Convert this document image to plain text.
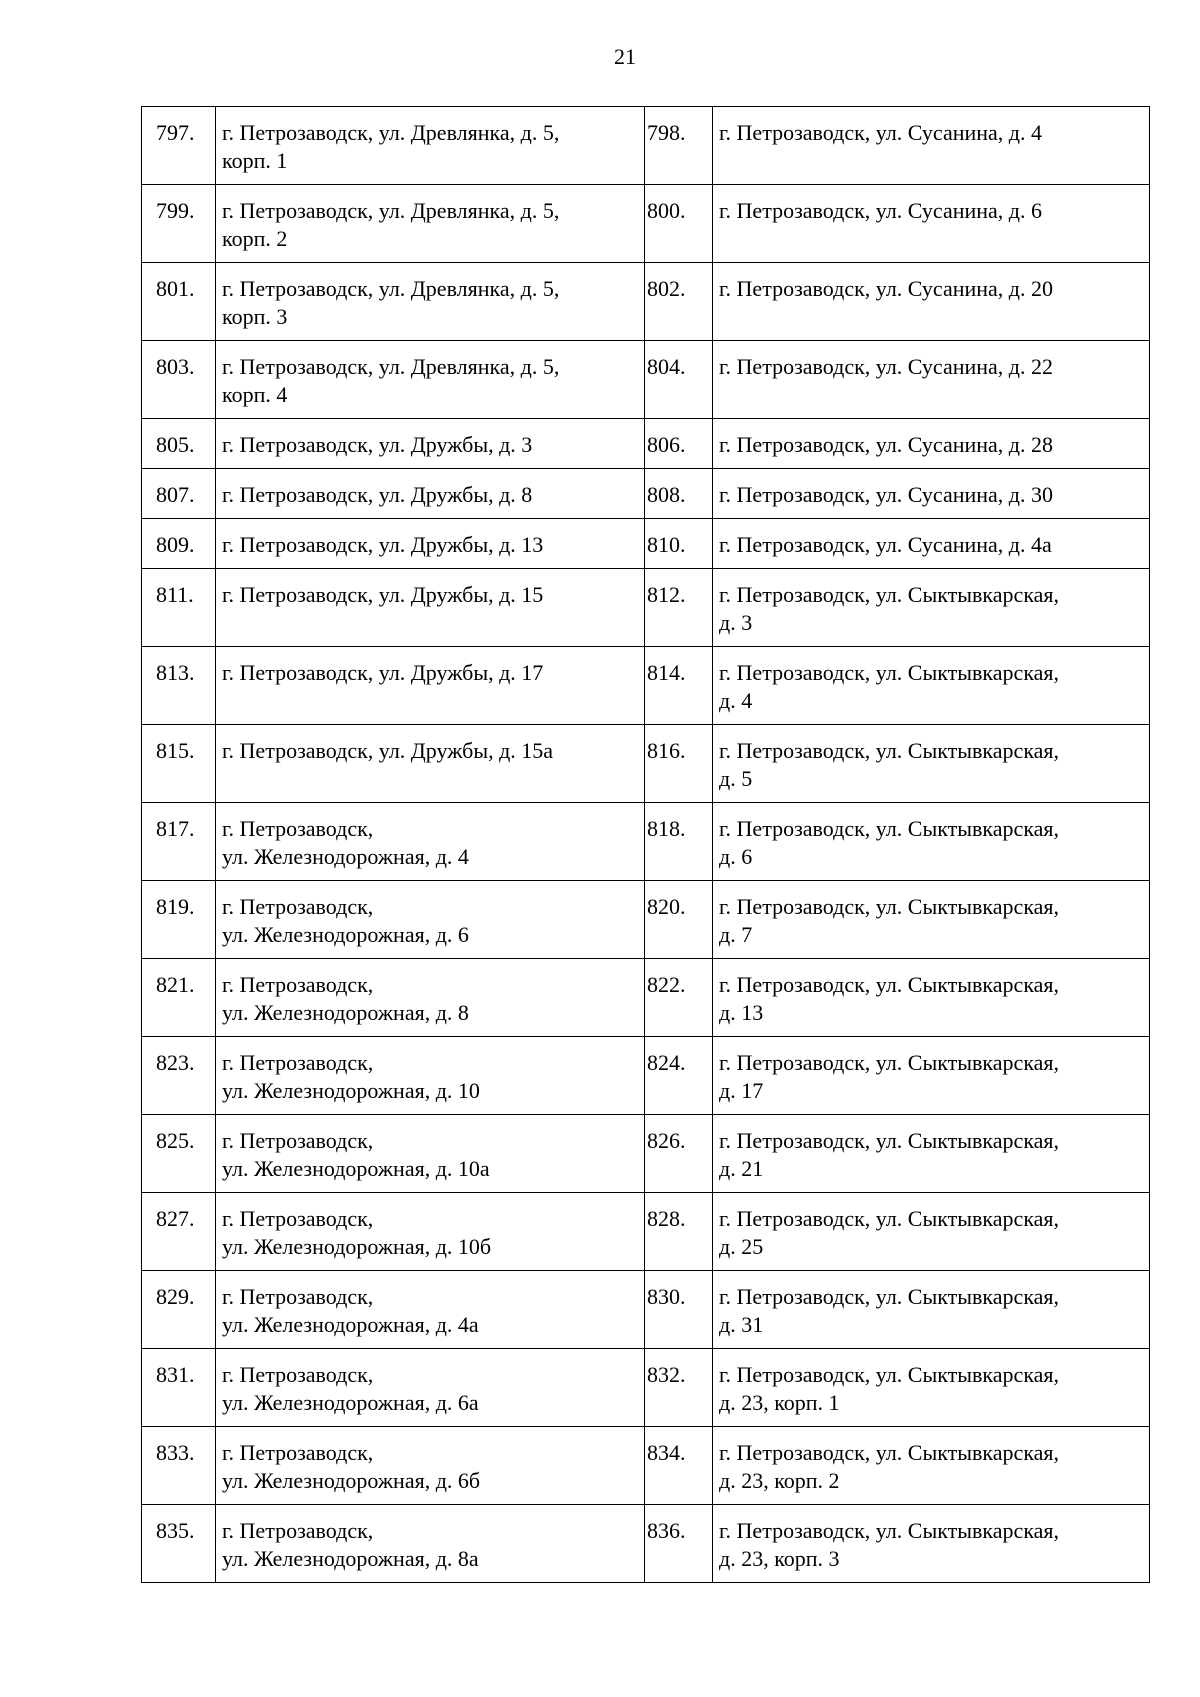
21
797.	г. Петрозаводск, ул. Древлянка, д. 5,
корп. 1	798.	г. Петрозаводск, ул. Сусанина, д. 4

799.	г. Петрозаводск, ул. Древлянка, д. 5,
корп. 2	800.	г. Петрозаводск, ул. Сусанина, д. 6

801.	г. Петрозаводск, ул. Древлянка, д. 5,
корп. 3	802.	г. Петрозаводск, ул. Сусанина, д. 20

803.	г. Петрозаводск, ул. Древлянка, д. 5,
корп. 4	804.	г. Петрозаводск, ул. Сусанина, д. 22

805.	г. Петрозаводск, ул. Дружбы, д. 3	806.	г. Петрозаводск, ул. Сусанина, д. 28

807.	г. Петрозаводск, ул. Дружбы, д. 8	808.	г. Петрозаводск, ул. Сусанина, д. 30

809.	г. Петрозаводск, ул. Дружбы, д. 13	810.	г. Петрозаводск, ул. Сусанина, д. 4а

811.	г. Петрозаводск, ул. Дружбы, д. 15	812.	г. Петрозаводск, ул. Сыктывкарская,
д. 3

813.	г. Петрозаводск, ул. Дружбы, д. 17	814.	г. Петрозаводск, ул. Сыктывкарская,
д. 4

815.	г. Петрозаводск, ул. Дружбы, д. 15а	816.	г. Петрозаводск, ул. Сыктывкарская,
д. 5

817.	г. Петрозаводск,
ул. Железнодорожная, д. 4	818.	г. Петрозаводск, ул. Сыктывкарская,
д. 6

819.	г. Петрозаводск,
ул. Железнодорожная, д. 6	820.	г. Петрозаводск, ул. Сыктывкарская,
д. 7

821.	г. Петрозаводск,
ул. Железнодорожная, д. 8	822.	г. Петрозаводск, ул. Сыктывкарская,
д. 13

823.	г. Петрозаводск,
ул. Железнодорожная, д. 10	824.	г. Петрозаводск, ул. Сыктывкарская,
д. 17

825.	г. Петрозаводск,
ул. Железнодорожная, д. 10а	826.	г. Петрозаводск, ул. Сыктывкарская,
д. 21

827.	г. Петрозаводск,
ул. Железнодорожная, д. 10б	828.	г. Петрозаводск, ул. Сыктывкарская,
д. 25

829.	г. Петрозаводск,
ул. Железнодорожная, д. 4а	830.	г. Петрозаводск, ул. Сыктывкарская,
д. 31

831.	г. Петрозаводск,
ул. Железнодорожная, д. 6а	832.	г. Петрозаводск, ул. Сыктывкарская,
д. 23, корп. 1

833.	г. Петрозаводск,
ул. Железнодорожная, д. 6б	834.	г. Петрозаводск, ул. Сыктывкарская,
д. 23, корп. 2

835.	г. Петрозаводск,
ул. Железнодорожная, д. 8а	836.	г. Петрозаводск, ул. Сыктывкарская,
д. 23, корп. 3
